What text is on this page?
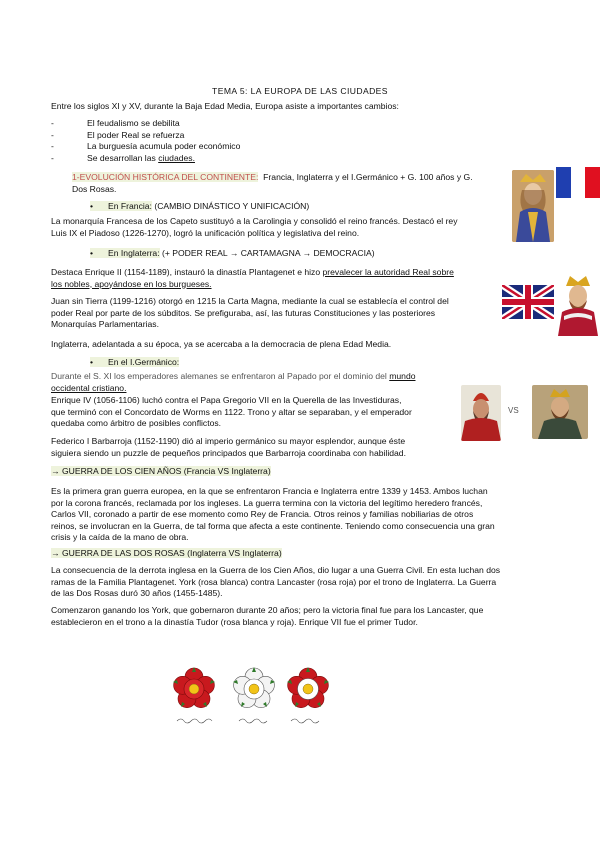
TEMA 5: LA EUROPA DE LAS CIUDADES
Entre los siglos XI y XV, durante la Baja Edad Media, Europa asiste a importantes cambios:
-	El feudalismo se debilita
-	El poder Real se refuerza
-	La burguesía acumula poder económico
-	Se desarrollan las ciudades.
1-EVOLUCIÓN HISTÓRICA DEL CONTINENTE: Francia, Inglaterra y el I.Germánico + G. 100 años y G.
Dos Rosas.
• En Francia: (CAMBIO DINÁSTICO Y UNIFICACIÓN)
La monarquía Francesa de los Capeto sustituyó a la Carolingia y consolidó el reino francés. Destacó el rey
Luis IX el Piadoso (1226-1270), logró la unificación política y legislativa del reino.
• En Inglaterra: (+ PODER REAL → CARTAMAGNA → DEMOCRACIA)
Destaca Enrique II (1154-1189), instauró la dinastía Plantagenet e hizo prevalecer la autoridad Real sobre
los nobles, apoyándose en los burgueses.
Juan sin Tierra (1199-1216) otorgó en 1215 la Carta Magna, mediante la cual se establecía el control del
poder Real por parte de los súbditos. Se prefiguraba, así, las futuras Constituciones y las posteriores
Monarquías Parlamentarias.
Inglaterra, adelantada a su época, ya se acercaba a la democracia de plena Edad Media.
• En el I.Germánico:
Durante el S. XI los emperadores alemanes se enfrentaron al Papado por el dominio del mundo
occidental cristiano.
Enrique IV (1056-1106) luchó contra el Papa Gregorio VII en la Querella de las Investiduras,
que terminó con el Concordato de Worms en 1122. Trono y altar se separaban, y el emperador
quedaba como árbitro de posibles conflictos.
VS
Federico I Barbarroja (1152-1190) dió al imperio germánico su mayor esplendor, aunque éste
siguiera siendo un puzzle de pequeños principados que Barbarroja coordinaba con habilidad.
→ GUERRA DE LOS CIEN AÑOS (Francia VS Inglaterra)
Es la primera gran guerra europea, en la que se enfrentaron Francia e Inglaterra entre 1339 y 1453. Ambos luchan
por la corona francés, reclamada por los ingleses. La guerra termina con la victoria del legítimo heredero francés,
Carlos VII, coronado a partir de ese momento como Rey de Francia. Otros reinos y familias nobiliarias de otros
reinos, se involucran en la Guerra, de tal forma que afecta a este continente. Teniendo como consecuencia una gran
crisis y la caída de la mano de obra.
→ GUERRA DE LAS DOS ROSAS (Inglaterra VS Inglaterra)
La consecuencia de la derrota inglesa en la Guerra de los Cien Años, dio lugar a una Guerra Civil. En esta luchan dos
ramas de la Familia Plantagenet. York (rosa blanca) contra Lancaster (rosa roja) por el trono de Inglaterra. La Guerra
de las Dos Rosas duró 30 años (1455-1485).
Comenzaron ganando los York, que gobernaron durante 20 años; pero la victoria final fue para los Lancaster, que
establecieron en el trono a la dinastía Tudor (rosa blanca y roja). Enrique VII fue el primer Tudor.
